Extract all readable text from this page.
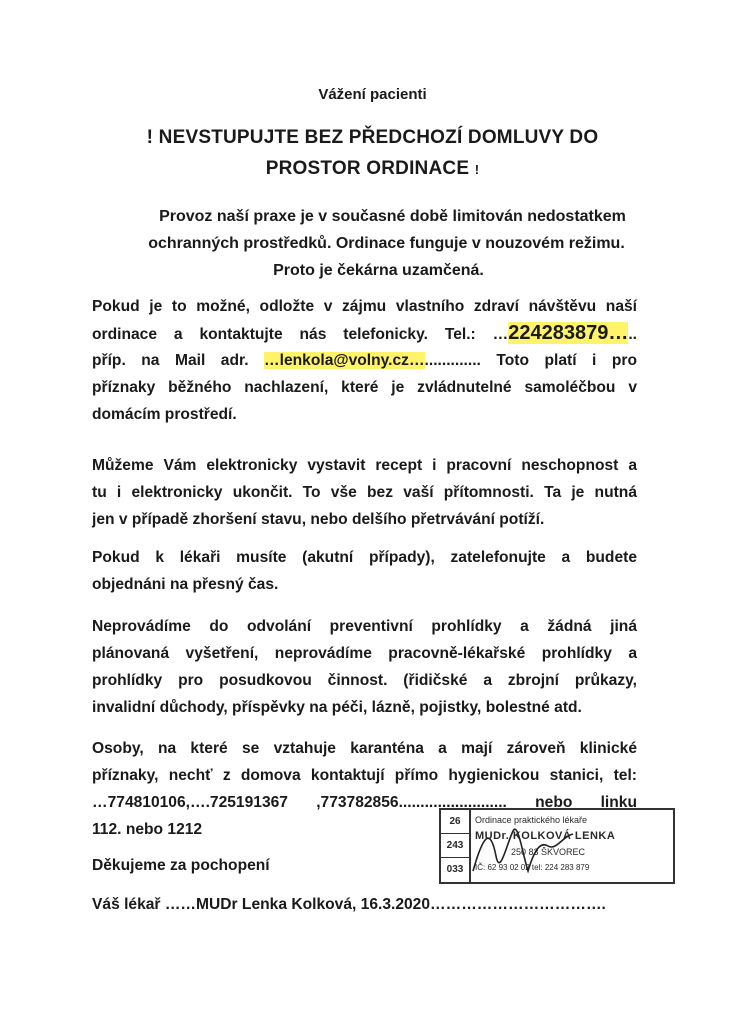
Vážení pacienti
! NEVSTUPUJTE BEZ PŘEDCHOZÍ DOMLUVY DO
PROSTOR ORDINACE !
Provoz naší praxe je v současné době limitován nedostatkem
ochranných prostředků. Ordinace funguje v nouzovém režimu.
Proto je čekárna uzamčená.
Pokud je to možné, odložte v zájmu vlastního zdraví návštěvu naší
ordinace a kontaktujte nás telefonicky. Tel.: …224283879…..
příp. na Mail adr. …lenkola@volny.cz…............. Toto platí i pro
příznaky běžného nachlazení, které je zvládnutelné samoléčbou v
domácím prostředí.
Můžeme Vám elektronicky vystavit recept i pracovní neschopnost a
tu i elektronicky ukončit. To vše bez vaší přítomnosti. Ta je nutná
jen v případě zhoršení stavu, nebo delšího přetrvávání potíží.
Pokud k lékaři musíte (akutní případy), zatelefonujte a budete
objednáni na přesný čas.
Neprovádíme do odvolání preventivní prohlídky a žádná jiná
plánovaná vyšetření, neprovádíme pracovně-lékařské prohlídky a
prohlídky pro posudkovou činnost. (řidičské a zbrojní průkazy,
invalidní důchody, příspěvky na péči, lázně, pojistky, bolestné atd.
Osoby, na které se vztahuje karanténa a mají zároveň klinické
příznaky, nechť z domova kontaktují přímo hygienickou stanici, tel:
…774810106,….725191367 ,773782856......................... nebo linku
112. nebo 1212	26
243
033
Ordinace praktického lékaře
MUDr. KOLKOVÁ LENKA
250 83 ŠKVOREC
IČ: 62 93 02 02 tel: 224 283 879
Děkujeme za pochopení
Váš lékař ……MUDr Lenka Kolková, 16.3.2020…………………………….
